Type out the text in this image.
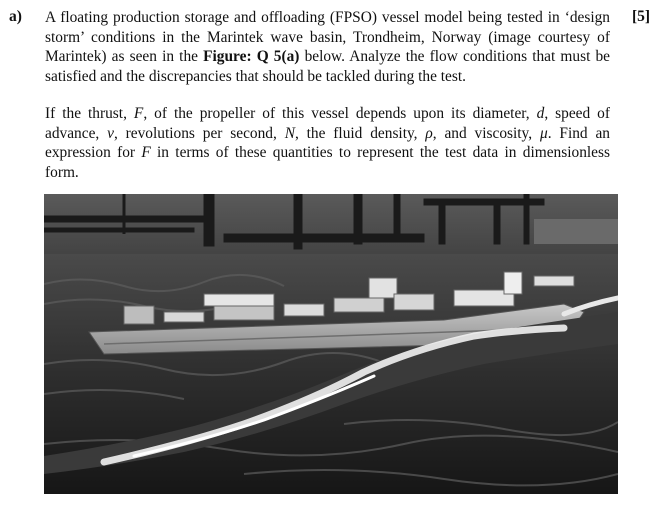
a)	[5]

A floating production storage and offloading (FPSO) vessel model being tested in ‘design storm’ conditions in the Marintek wave basin, Trondheim, Norway (image courtesy of Marintek) as seen in the Figure: Q 5(a) below. Analyze the flow conditions that must be satisfied and the discrepancies that should be tackled during the test.

If the thrust, F, of the propeller of this vessel depends upon its diameter, d, speed of advance, v, revolutions per second, N, the fluid density, ρ, and viscosity, μ. Find an expression for F in terms of these quantities to represent the test data in dimensionless form.
